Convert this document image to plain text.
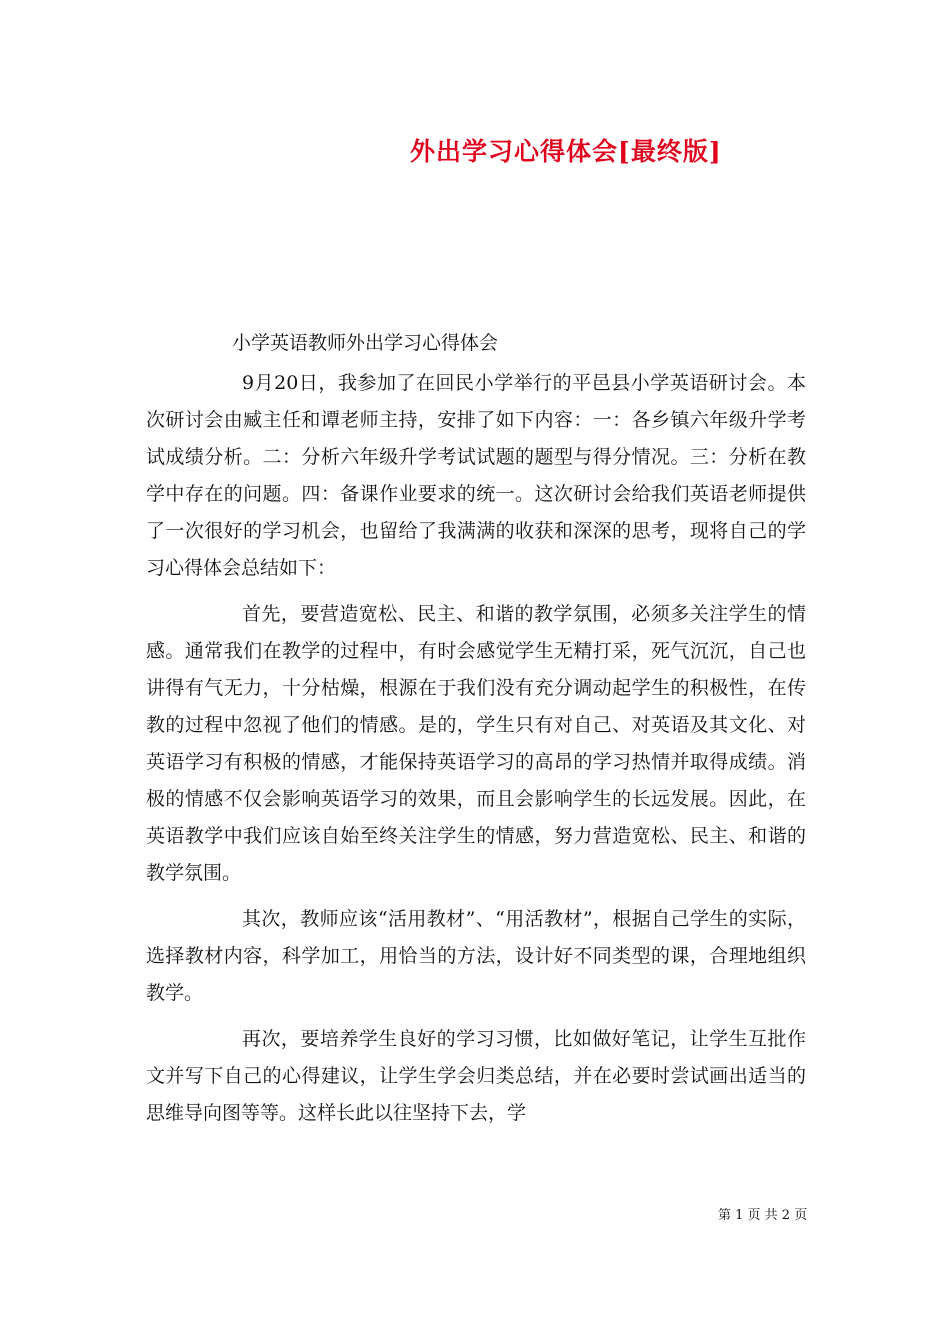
外出学习心得体会[最终版]
小学英语教师外出学习心得体会

9月20日，我参加了在回民小学举行的平邑县小学英语研讨会。本次研讨会由臧主任和谭老师主持，安排了如下内容：一：各乡镇六年级升学考试成绩分析。二：分析六年级升学考试试题的题型与得分情况。三：分析在教学中存在的问题。四：备课作业要求的统一。这次研讨会给我们英语老师提供了一次很好的学习机会，也留给了我满满的收获和深深的思考，现将自己的学习心得体会总结如下：

首先，要营造宽松、民主、和谐的教学氛围，必须多关注学生的情感。通常我们在教学的过程中，有时会感觉学生无精打采，死气沉沉，自己也讲得有气无力，十分枯燥，根源在于我们没有充分调动起学生的积极性，在传教的过程中忽视了他们的情感。是的，学生只有对自己、对英语及其文化、对英语学习有积极的情感，才能保持英语学习的高昂的学习热情并取得成绩。消极的情感不仅会影响英语学习的效果，而且会影响学生的长远发展。因此，在英语教学中我们应该自始至终关注学生的情感，努力营造宽松、民主、和谐的教学氛围。

其次，教师应该“活用教材”、“用活教材”，根据自己学生的实际，选择教材内容，科学加工，用恰当的方法，设计好不同类型的课，合理地组织教学。

再次，要培养学生良好的学习习惯，比如做好笔记，让学生互批作文并写下自己的心得建议，让学生学会归类总结，并在必要时尝试画出适当的思维导向图等等。这样长此以往坚持下去，学

第 1 页 共 2 页
